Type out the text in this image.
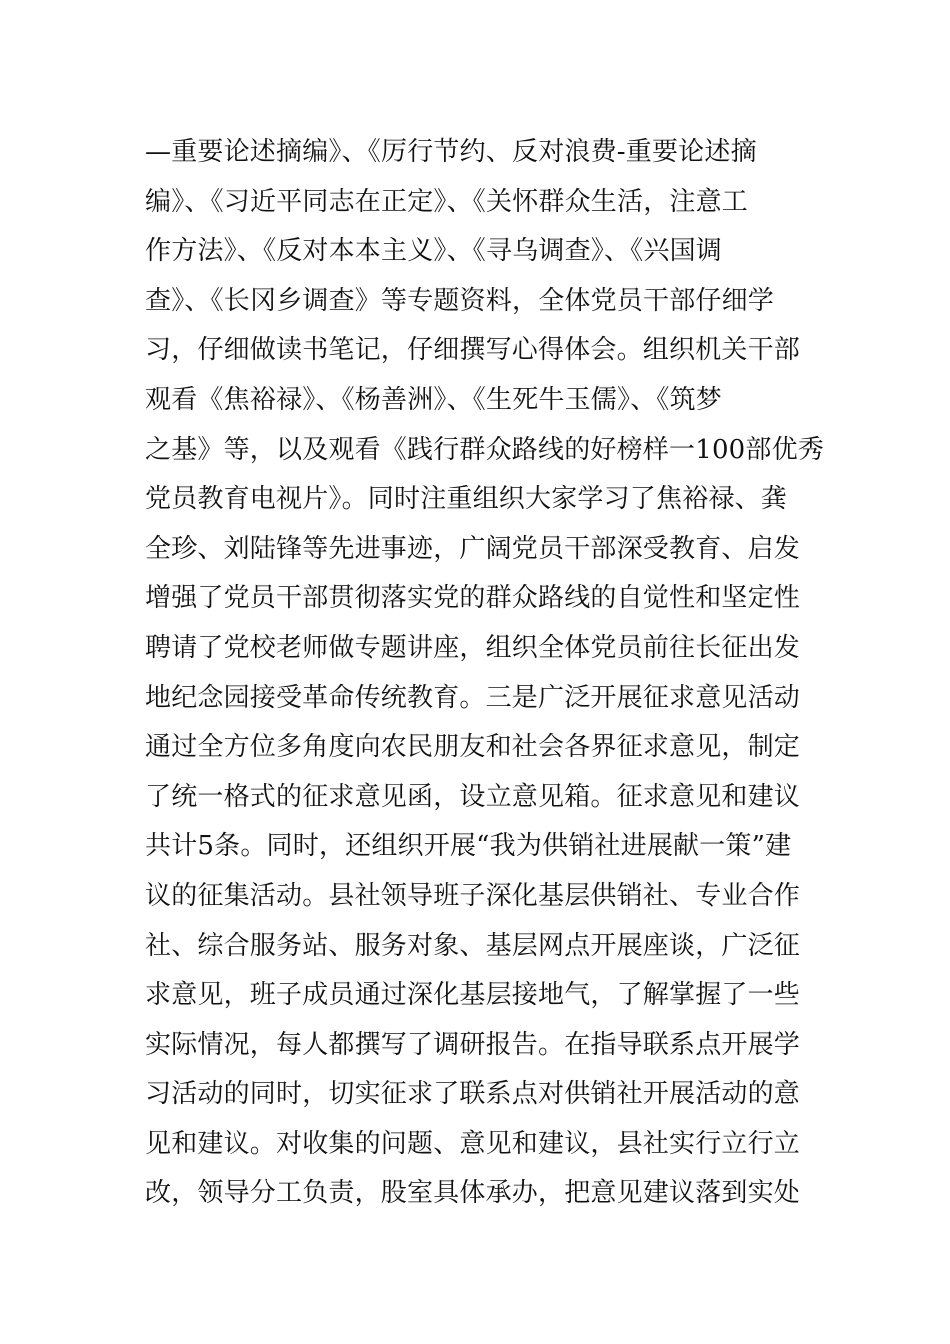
—重要论述摘编》、《厉行节约、反对浪费-重要论述摘
编》、《习近平同志在正定》、《关怀群众生活，注意工
作方法》、《反对本本主义》、《寻乌调查》、《兴国调
查》、《长冈乡调查》等专题资料，全体党员干部仔细学
习，仔细做读书笔记，仔细撰写心得体会。组织机关干部
观看《焦裕禄》、《杨善洲》、《生死牛玉儒》、《筑梦
之基》等，以及观看《践行群众路线的好榜样一100部优秀
党员教育电视片》。同时注重组织大家学习了焦裕禄、龚
全珍、刘陆锋等先进事迹，广阔党员干部深受教育、启发
增强了党员干部贯彻落实党的群众路线的自觉性和坚定性
聘请了党校老师做专题讲座，组织全体党员前往长征出发
地纪念园接受革命传统教育。三是广泛开展征求意见活动
通过全方位多角度向农民朋友和社会各界征求意见，制定
了统一格式的征求意见函，设立意见箱。征求意见和建议
共计5条。同时，还组织开展“我为供销社进展献一策”建
议的征集活动。县社领导班子深化基层供销社、专业合作
社、综合服务站、服务对象、基层网点开展座谈，广泛征
求意见，班子成员通过深化基层接地气，了解掌握了一些
实际情况，每人都撰写了调研报告。在指导联系点开展学
习活动的同时，切实征求了联系点对供销社开展活动的意
见和建议。对收集的问题、意见和建议，县社实行立行立
改，领导分工负责，股室具体承办，把意见建议落到实处
